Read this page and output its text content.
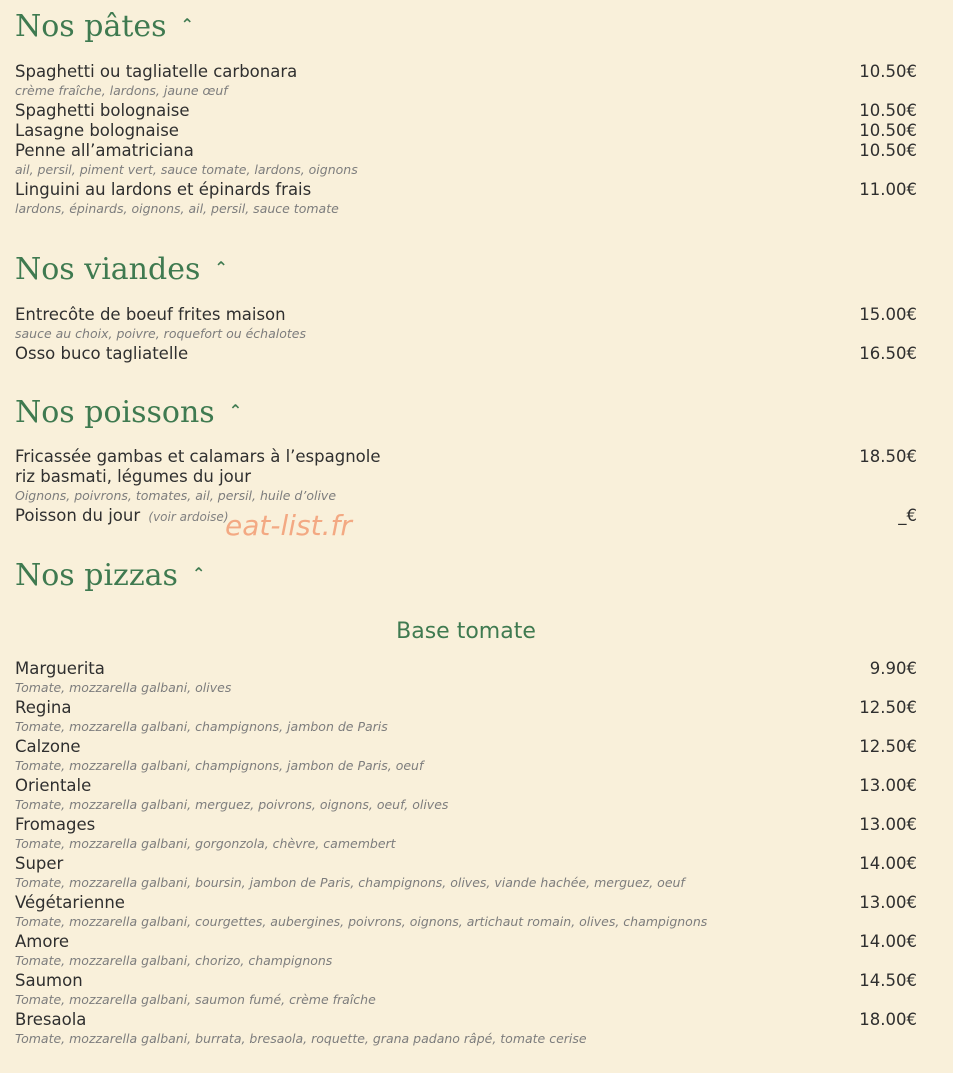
Nos pâtes ⌃
Spaghetti ou tagliatelle carbonara	10.50€
crème fraîche, lardons, jaune œuf
Spaghetti bolognaise	10.50€
Lasagne bolognaise	10.50€
Penne all’amatriciana	10.50€
ail, persil, piment vert, sauce tomate, lardons, oignons
Linguini au lardons et épinards frais	11.00€
lardons, épinards, oignons, ail, persil, sauce tomate
Nos viandes ⌃
Entrecôte de boeuf frites maison	15.00€
sauce au choix, poivre, roquefort ou échalotes
Osso buco tagliatelle	16.50€
Nos poissons ⌃
Fricassée gambas et calamars à l’espagnole	18.50€
riz basmati, légumes du jour
Oignons, poivrons, tomates, ail, persil, huile d’olive
Poisson du jour (voir ardoise)	_€
eat-list.fr
Nos pizzas ⌃
Base tomate
Marguerita	9.90€
Tomate, mozzarella galbani, olives
Regina	12.50€
Tomate, mozzarella galbani, champignons, jambon de Paris
Calzone	12.50€
Tomate, mozzarella galbani, champignons, jambon de Paris, oeuf
Orientale	13.00€
Tomate, mozzarella galbani, merguez, poivrons, oignons, oeuf, olives
Fromages	13.00€
Tomate, mozzarella galbani, gorgonzola, chèvre, camembert
Super	14.00€
Tomate, mozzarella galbani, boursin, jambon de Paris, champignons, olives, viande hachée, merguez, oeuf
Végétarienne	13.00€
Tomate, mozzarella galbani, courgettes, aubergines, poivrons, oignons, artichaut romain, olives, champignons
Amore	14.00€
Tomate, mozzarella galbani, chorizo, champignons
Saumon	14.50€
Tomate, mozzarella galbani, saumon fumé, crème fraîche
Bresaola	18.00€
Tomate, mozzarella galbani, burrata, bresaola, roquette, grana padano râpé, tomate cerise
